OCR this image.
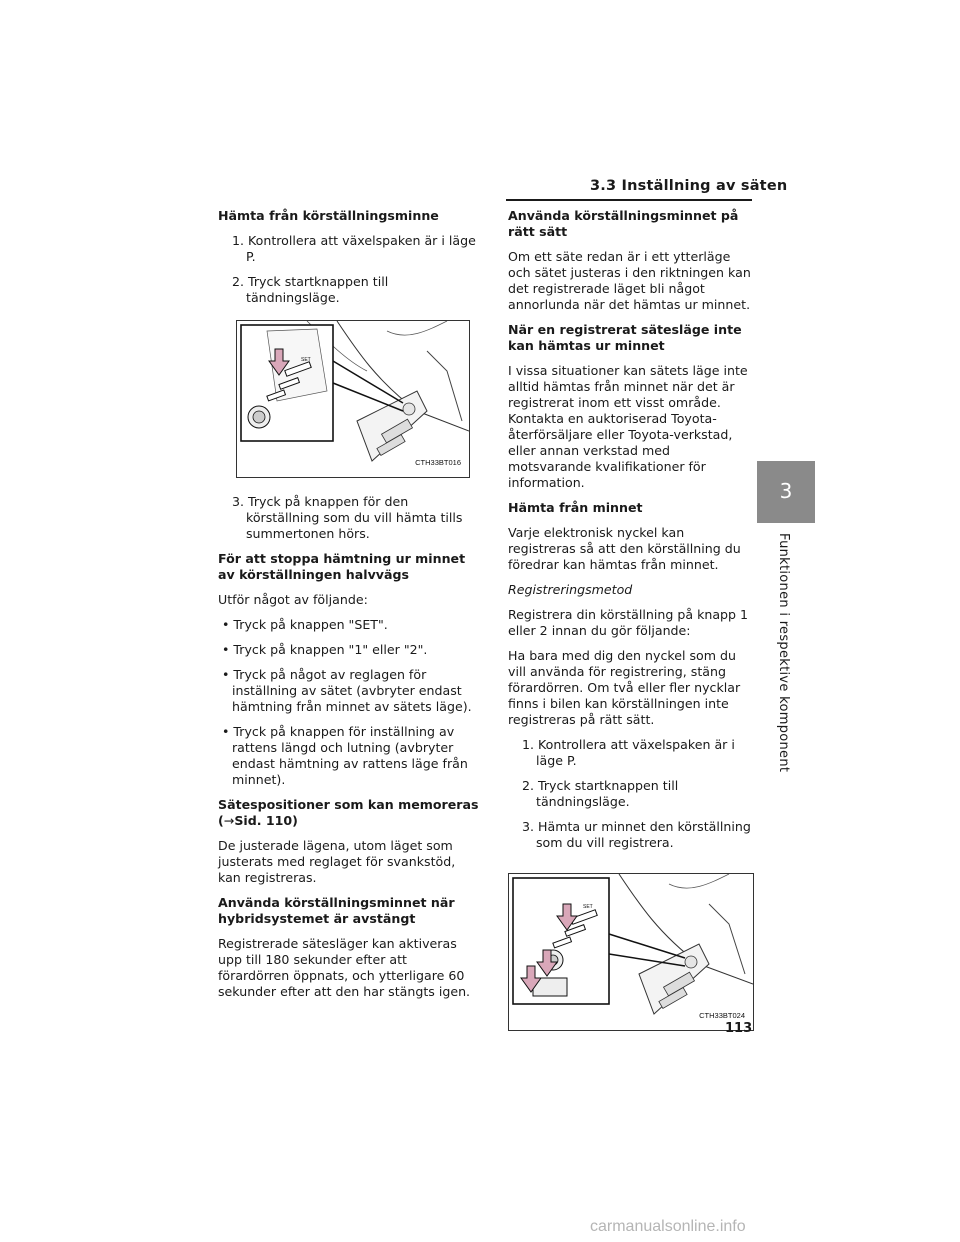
3.3 Inställning av säten

Hämta från körställningsminne

1. Kontrollera att växelspaken är i läge P.

2. Tryck startknappen till tändningsläge.

SET
CTH33BT016

3. Tryck på knappen för den körställning som du vill hämta tills summertonen hörs.

För att stoppa hämtning ur minnet av körställningen halvvägs

Utför något av följande:

• Tryck på knappen "SET".

• Tryck på knappen "1" eller "2".

• Tryck på något av reglagen för inställning av sätet (avbryter endast hämtning från minnet av sätets läge).

• Tryck på knappen för inställning av rattens längd och lutning (avbryter endast hämtning av rattens läge från minnet).

Sätespositioner som kan memoreras
(→Sid. 110)

De justerade lägena, utom läget som justerats med reglaget för svankstöd, kan registreras.

Använda körställningsminnet när hybridsystemet är avstängt

Registrerade sätesläger kan aktiveras upp till 180 sekunder efter att förardörren öppnats, och ytterligare 60 sekunder efter att den har stängts igen.

Använda körställningsminnet på rätt sätt

Om ett säte redan är i ett ytterläge och sätet justeras i den riktningen kan det registrerade läget bli något annorlunda när det hämtas ur minnet.

När en registrerat sätesläge inte kan hämtas ur minnet

I vissa situationer kan sätets läge inte alltid hämtas från minnet när det är registrerat inom ett visst område. Kontakta en auktoriserad Toyota-återförsäljare eller Toyota-verkstad, eller annan verkstad med motsvarande kvalifikationer för information.

Hämta från minnet

Varje elektronisk nyckel kan registreras så att den körställning du föredrar kan hämtas från minnet.

Registreringsmetod

Registrera din körställning på knapp 1 eller 2 innan du gör följande:

Ha bara med dig den nyckel som du vill använda för registrering, stäng förardörren. Om två eller fler nycklar finns i bilen kan körställningen inte registreras på rätt sätt.

1. Kontrollera att växelspaken är i läge P.

2. Tryck startknappen till tändningsläge.

3. Hämta ur minnet den körställning som du vill registrera.

SET
CTH33BT024
3
Funktionen i respektive komponent
113
carmanualsonline.info
